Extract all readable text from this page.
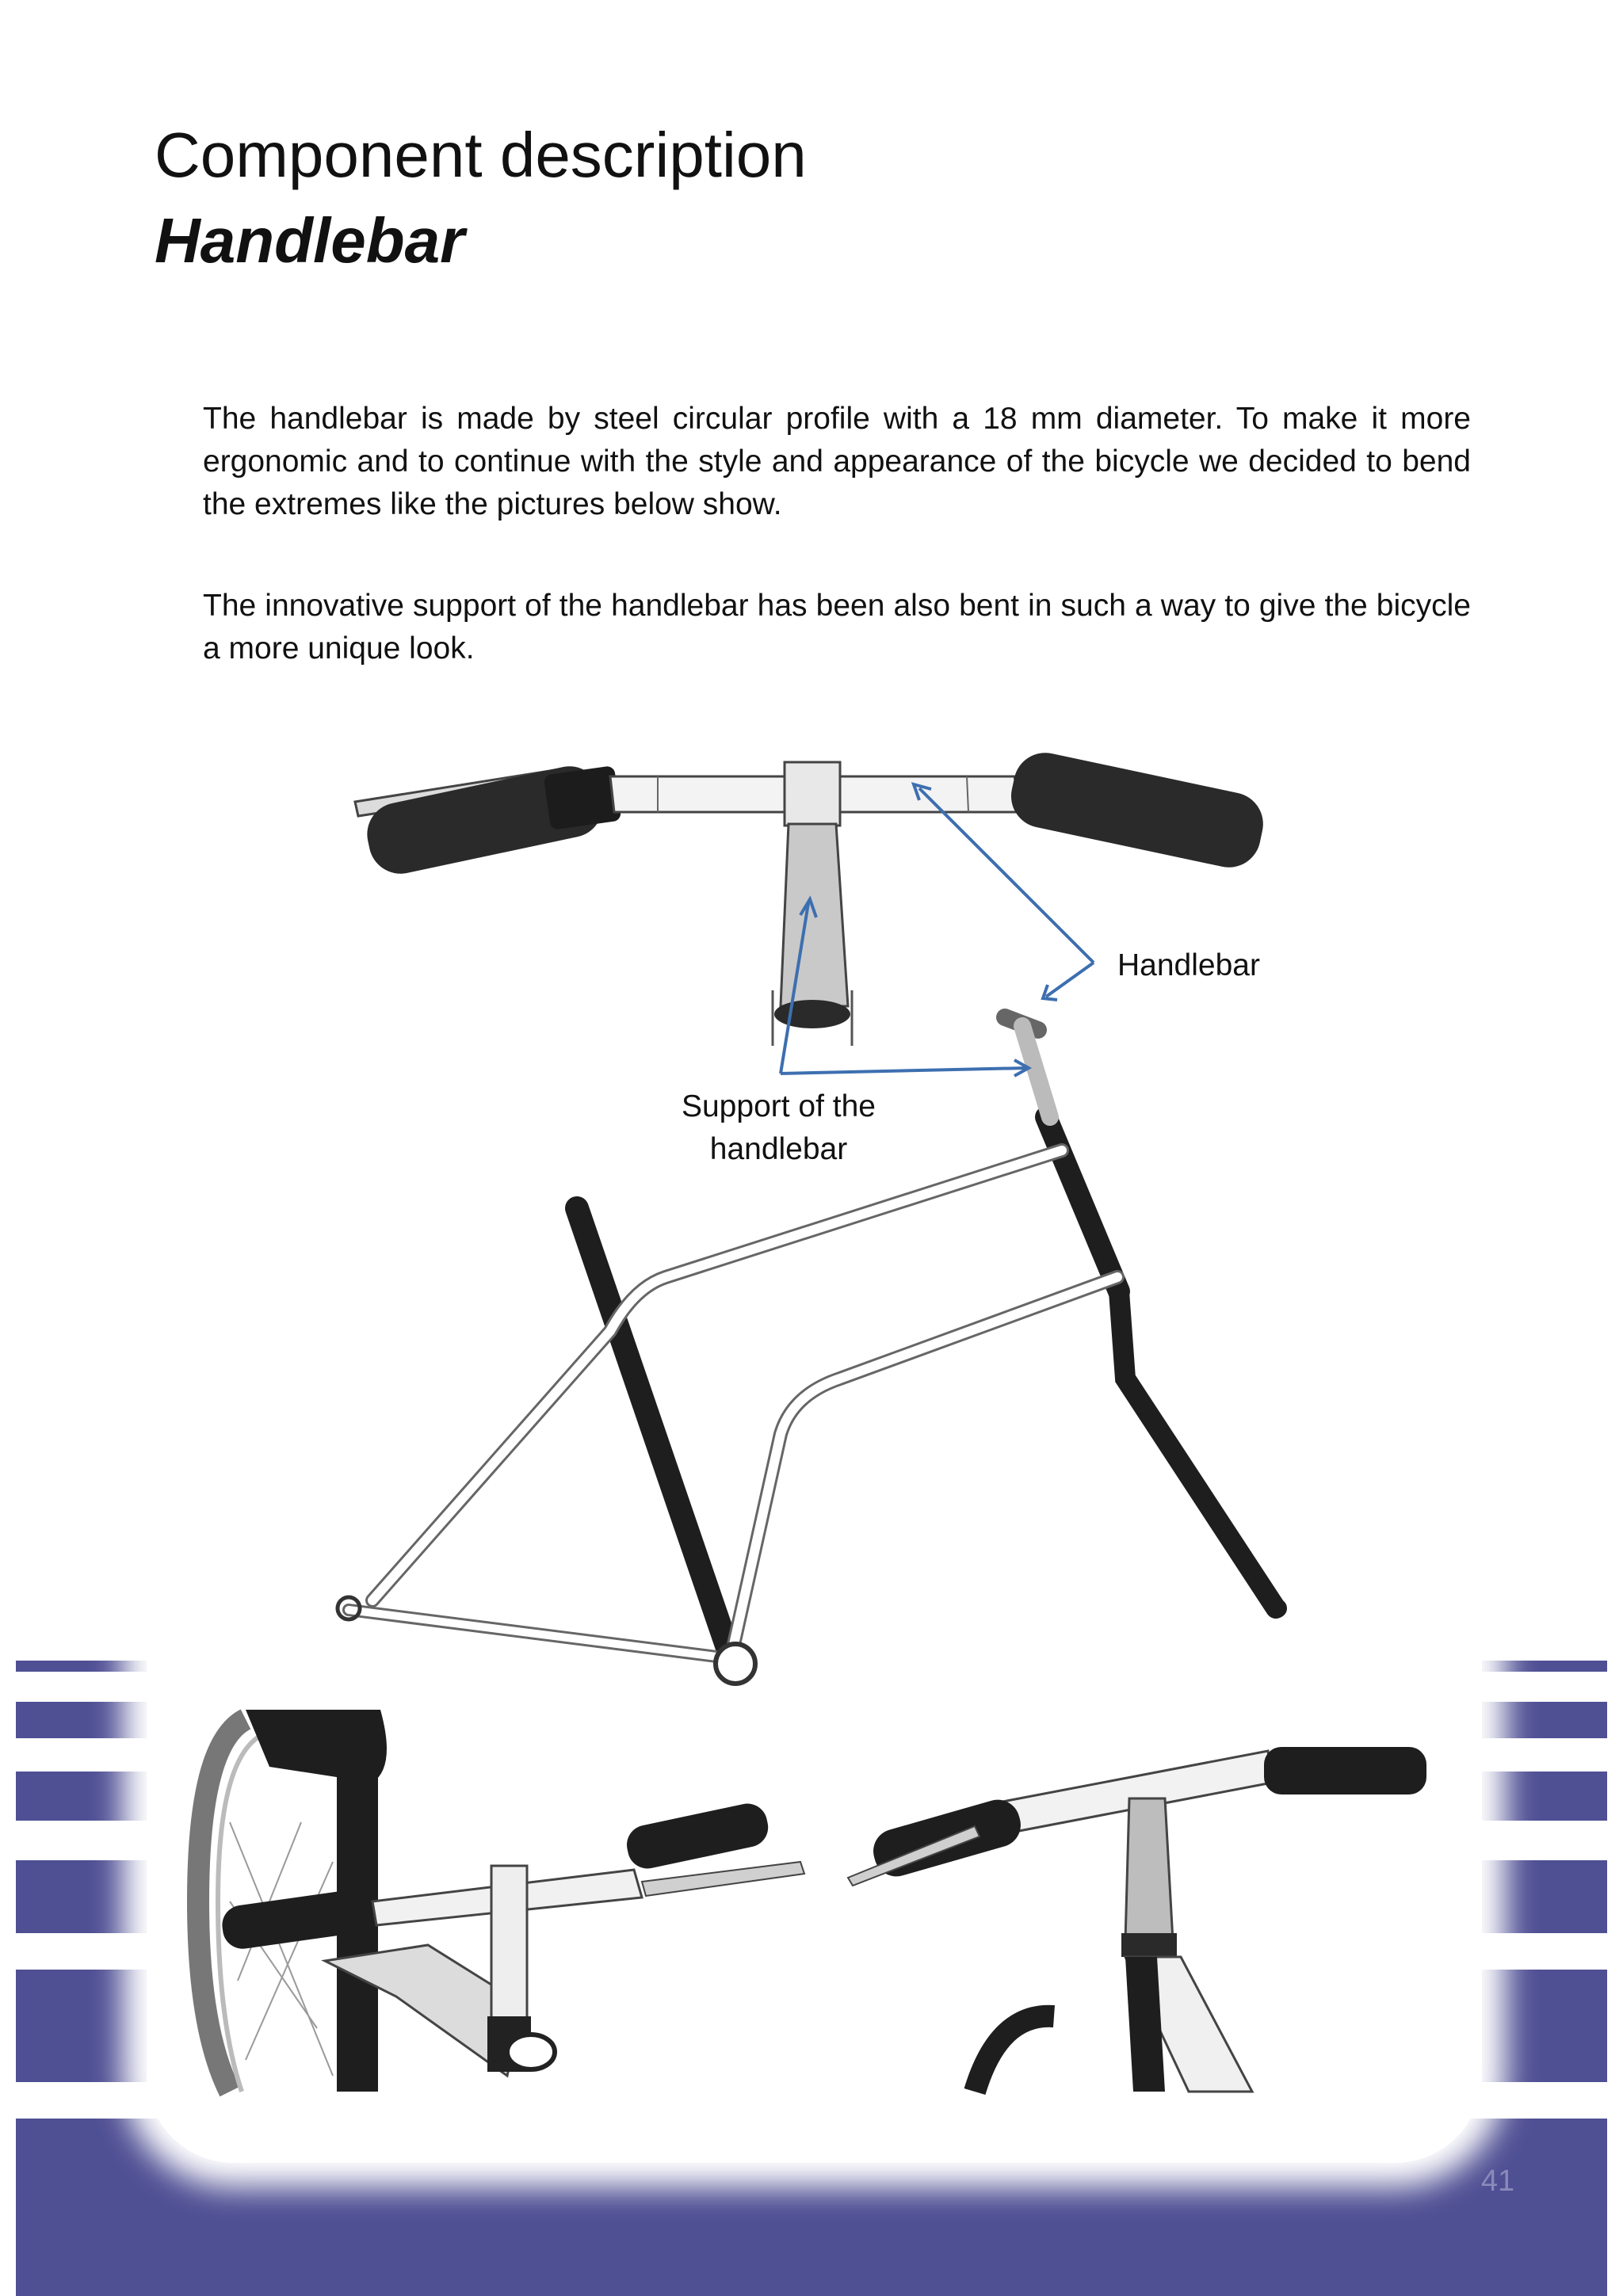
Component description
Handlebar

The handlebar is made by steel circular profile with a 18 mm diameter. To make it more ergonomic and to continue with the style and appearance of the bicycle we decided to bend the extremes like the pictures below show.

The innovative support of the handlebar has been also bent in such a way to give the bicycle a more unique look.

Handlebar
Support of the handlebar
41
